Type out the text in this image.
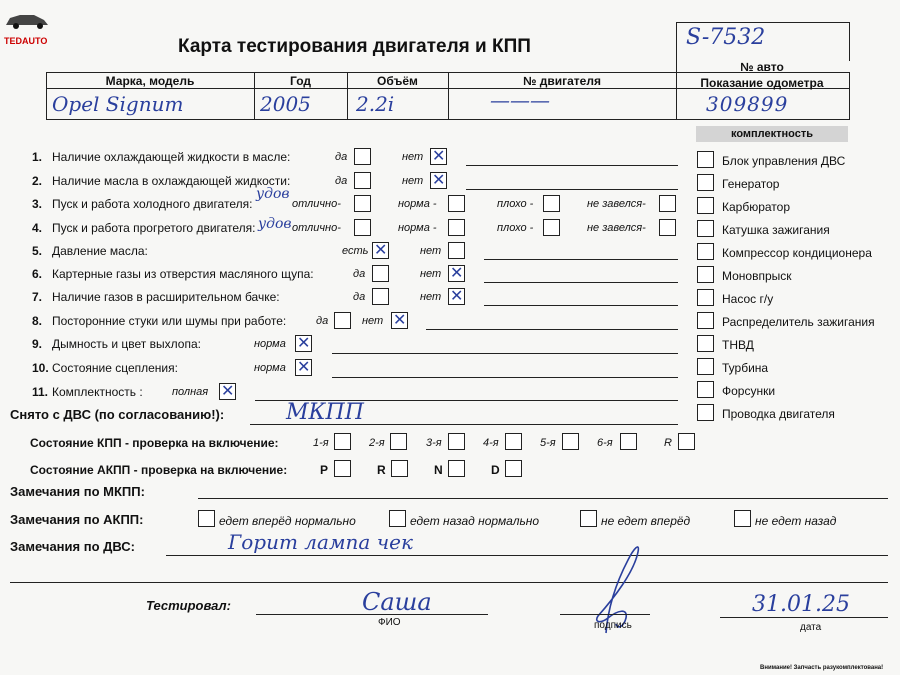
TEDAUTO	Карта тестирования двигателя и КПП	S-7532
№ авто
Марка, модель	Год	Объём	№ двигателя	Показание одометра
Opel Signum	2005 2.2i	———	309899
комплектность
Блок управления ДВС
Генератор
Карбюратор
Катушка зажигания
Компрессор кондиционера
Моновпрыск
Насос г/у
Распределитель зажигания
ТНВД
Турбина
Форсунки
Проводка двигателя
1. Наличие охлаждающей жидкости в масле:	да	нет
✕
2. Наличие масла в охлаждающей жидкости:	да	нет
✕
3. Пуск и работа холодного двигателя:
удов
отлично-	норма -	плохо -	не завелся-
4. Пуск и работа прогретого двигателя: удов отлично-	норма -	плохо -	не завелся-
5. Давление масла:	есть
✕	нет
6. Картерные газы из отверстия масляного щупа:	да	нет
✕
7. Наличие газов в расширительном бачке:	да	нет
✕
8. Посторонние стуки или шумы при работе:	да	нет
✕
9. Дымность и цвет выхлопа:	норма
✕
10. Состояние сцепления:	норма
✕
11. Комплектность :	полная
✕
Снято с ДВС (по согласованию!):	МКПП
Состояние КПП - проверка на включение:	1-я	2-я	3-я	4-я	5-я	6-я	R
Состояние АКПП - проверка на включение:	P	R	N	D
Замечания по МКПП:
Замечания по АКПП:	едет вперёд нормально	едет назад нормально	не едет вперёд	не едет назад
Замечания по ДВС:	Горит лампа чек
Тестировал:	Саша
ФИО	подпись
31.01.25
дата
Внимание! Запчасть разукомплектована!
